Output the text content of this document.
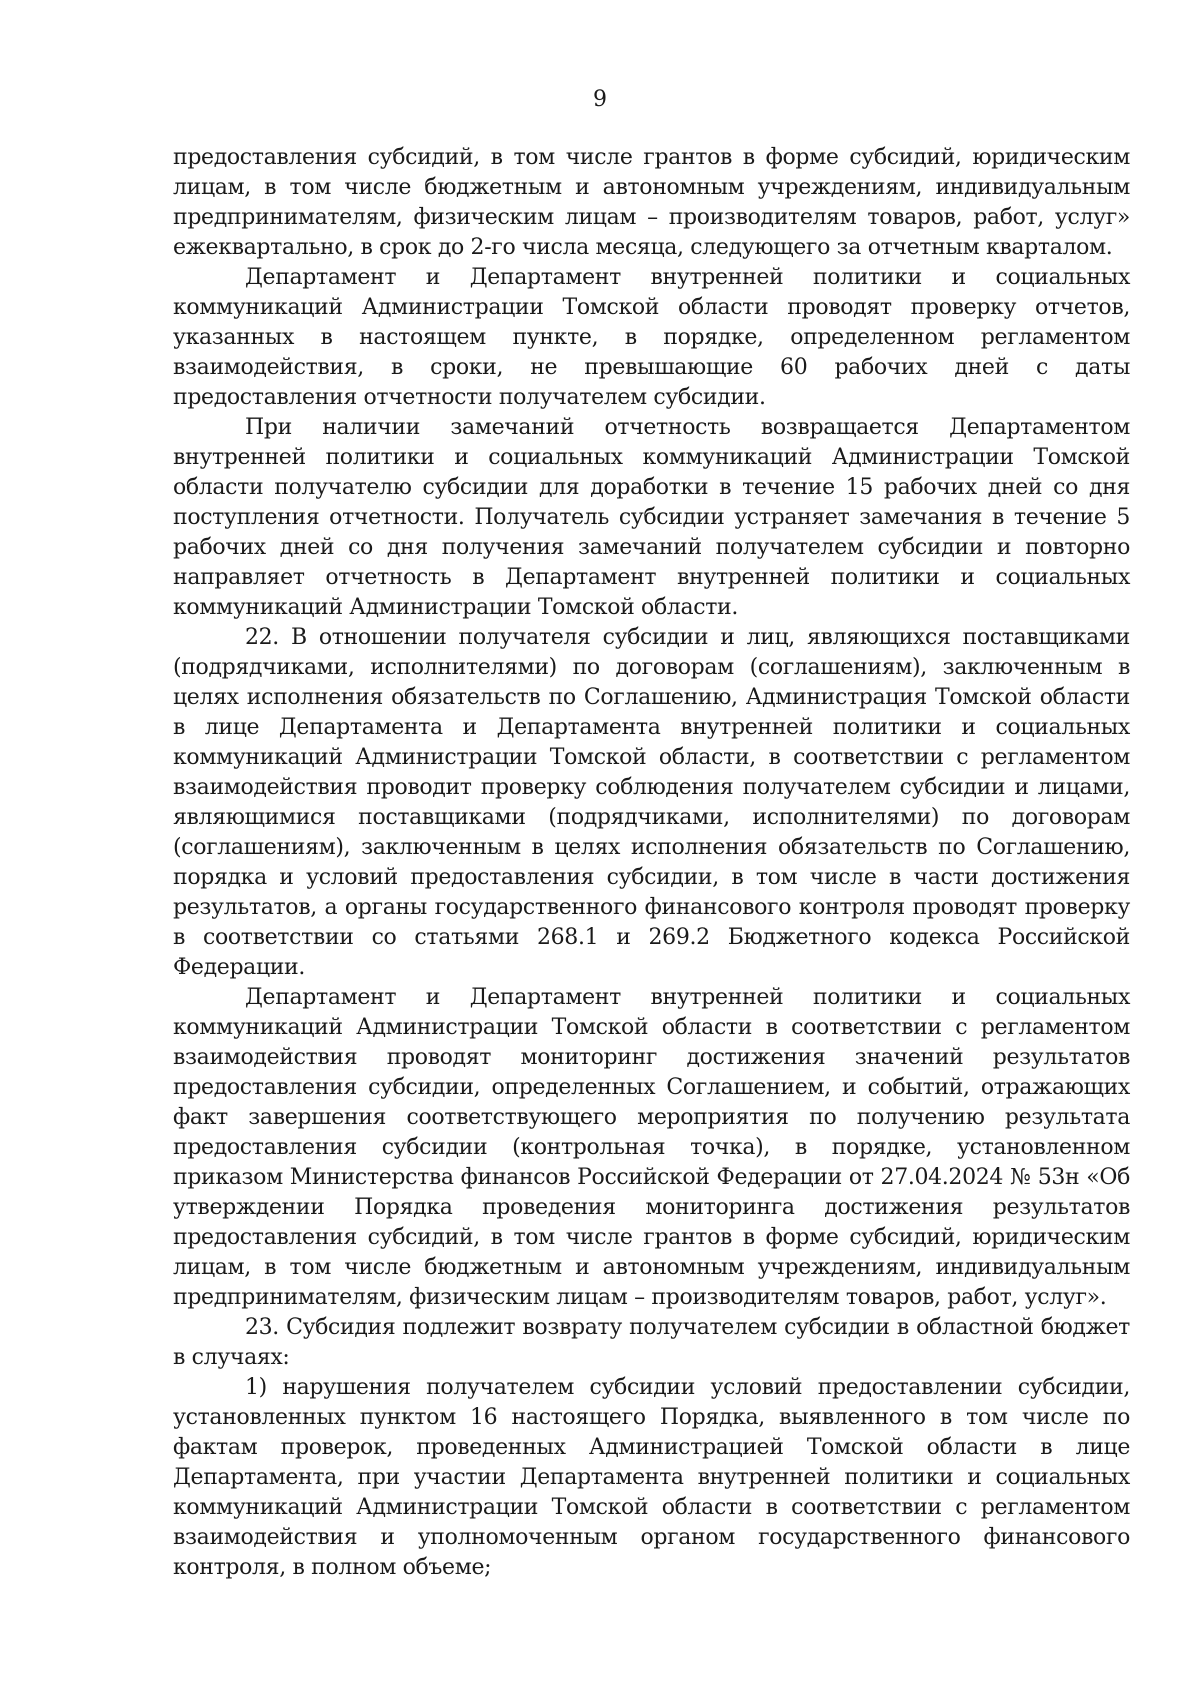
9

предоставления субсидий, в том числе грантов в форме субсидий, юридическим лицам, в том числе бюджетным и автономным учреждениям, индивидуальным предпринимателям, физическим лицам – производителям товаров, работ, услуг» ежеквартально, в срок до 2-го числа месяца, следующего за отчетным кварталом.

Департамент и Департамент внутренней политики и социальных коммуникаций Администрации Томской области проводят проверку отчетов, указанных в настоящем пункте, в порядке, определенном регламентом взаимодействия, в сроки, не превышающие 60 рабочих дней с даты предоставления отчетности получателем субсидии.

При наличии замечаний отчетность возвращается Департаментом внутренней политики и социальных коммуникаций Администрации Томской области получателю субсидии для доработки в течение 15 рабочих дней со дня поступления отчетности. Получатель субсидии устраняет замечания в течение 5 рабочих дней со дня получения замечаний получателем субсидии и повторно направляет отчетность в Департамент внутренней политики и социальных коммуникаций Администрации Томской области.

22. В отношении получателя субсидии и лиц, являющихся поставщиками (подрядчиками, исполнителями) по договорам (соглашениям), заключенным в целях исполнения обязательств по Соглашению, Администрация Томской области в лице Департамента и Департамента внутренней политики и социальных коммуникаций Администрации Томской области, в соответствии с регламентом взаимодействия проводит проверку соблюдения получателем субсидии и лицами, являющимися поставщиками (подрядчиками, исполнителями) по договорам (соглашениям), заключенным в целях исполнения обязательств по Соглашению, порядка и условий предоставления субсидии, в том числе в части достижения результатов, а органы государственного финансового контроля проводят проверку в соответствии со статьями 268.1 и 269.2 Бюджетного кодекса Российской Федерации.

Департамент и Департамент внутренней политики и социальных коммуникаций Администрации Томской области в соответствии с регламентом взаимодействия проводят мониторинг достижения значений результатов предоставления субсидии, определенных Соглашением, и событий, отражающих факт завершения соответствующего мероприятия по получению результата предоставления субсидии (контрольная точка), в порядке, установленном приказом Министерства финансов Российской Федерации от 27.04.2024 № 53н «Об утверждении Порядка проведения мониторинга достижения результатов предоставления субсидий, в том числе грантов в форме субсидий, юридическим лицам, в том числе бюджетным и автономным учреждениям, индивидуальным предпринимателям, физическим лицам – производителям товаров, работ, услуг».

23. Субсидия подлежит возврату получателем субсидии в областной бюджет в случаях:

1) нарушения получателем субсидии условий предоставлении субсидии, установленных пунктом 16 настоящего Порядка, выявленного в том числе по фактам проверок, проведенных Администрацией Томской области в лице Департамента, при участии Департамента внутренней политики и социальных коммуникаций Администрации Томской области в соответствии с регламентом взаимодействия и уполномоченным органом государственного финансового контроля, в полном объеме;
